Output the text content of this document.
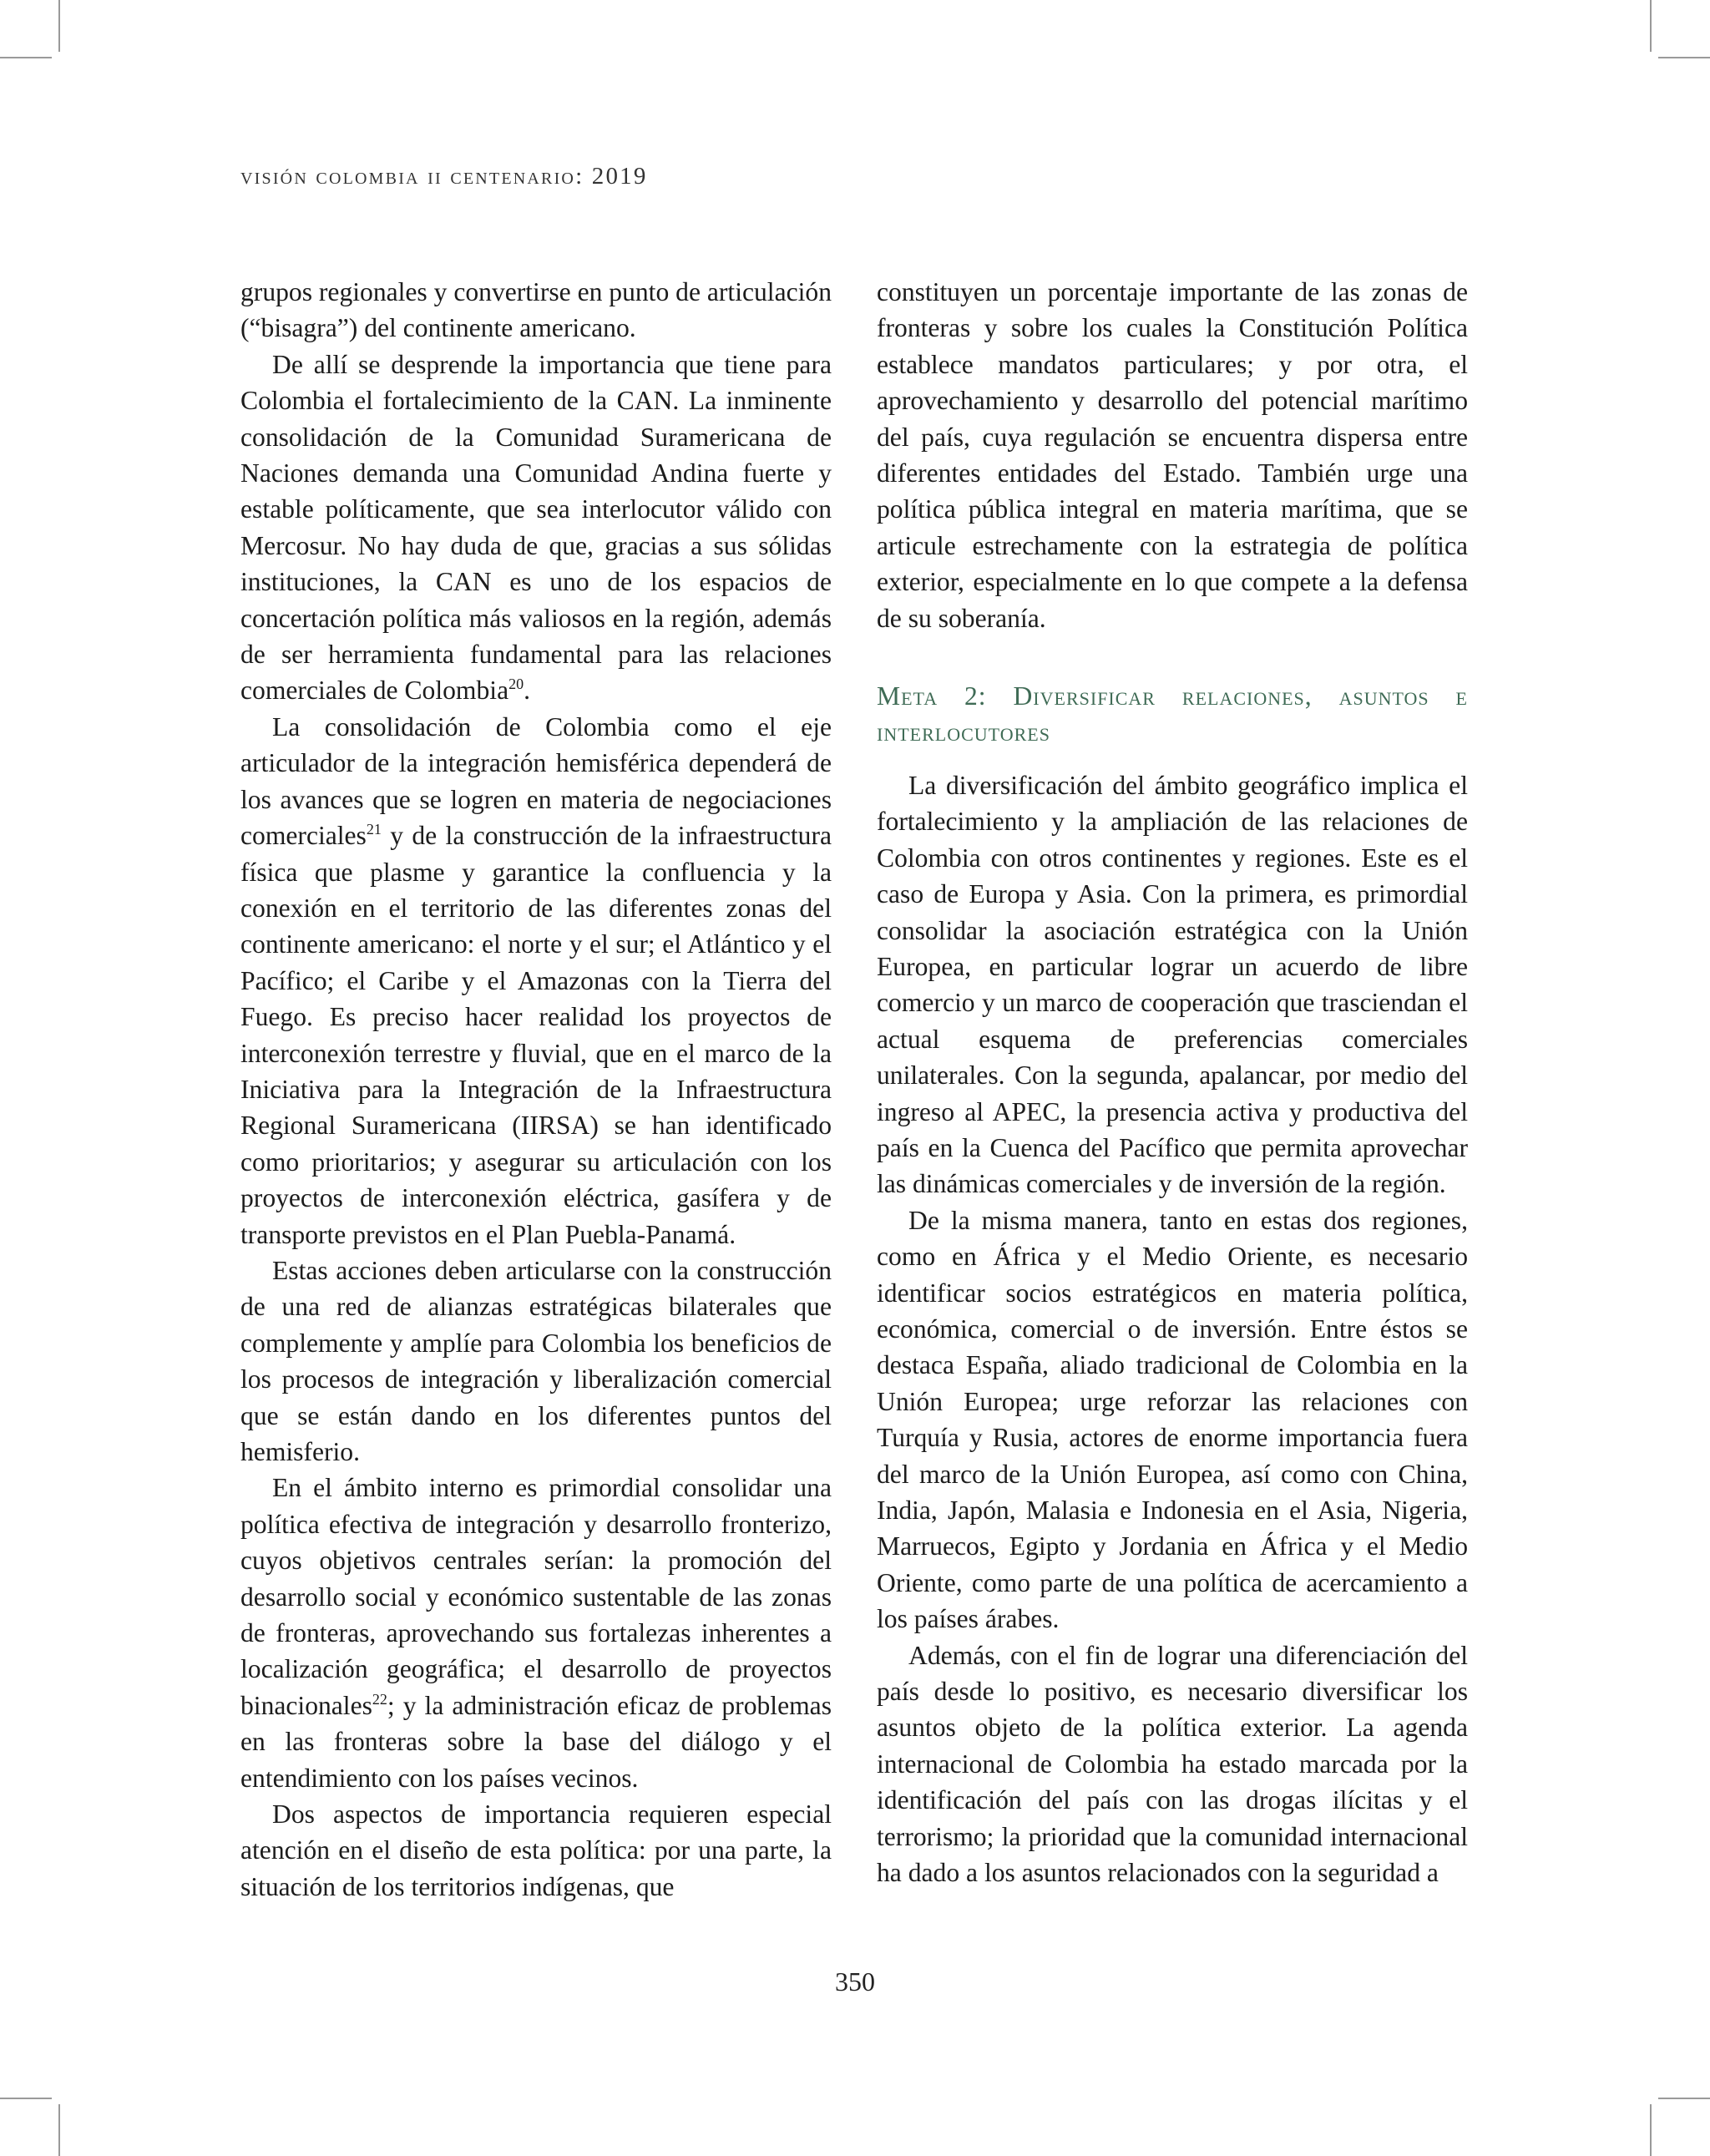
visión colombia ii centenario: 2019

grupos regionales y convertirse en punto de articulación (“bisagra”) del continente americano.

De allí se desprende la importancia que tiene para Colombia el fortalecimiento de la CAN. La inminente consolidación de la Comunidad Suramericana de Naciones demanda una Comunidad Andina fuerte y estable políticamente, que sea interlocutor válido con Mercosur. No hay duda de que, gracias a sus sólidas instituciones, la CAN es uno de los espacios de concertación política más valiosos en la región, además de ser herramienta fundamental para las relaciones comerciales de Colombia$^{20}$.

La consolidación de Colombia como el eje articulador de la integración hemisférica dependerá de los avances que se logren en materia de negociaciones comerciales$^{21}$ y de la construcción de la infraestructura física que plasme y garantice la confluencia y la conexión en el territorio de las diferentes zonas del continente americano: el norte y el sur; el Atlántico y el Pacífico; el Caribe y el Amazonas con la Tierra del Fuego. Es preciso hacer realidad los proyectos de interconexión terrestre y fluvial, que en el marco de la Iniciativa para la Integración de la Infraestructura Regional Suramericana (IIRSA) se han identificado como prioritarios; y asegurar su articulación con los proyectos de interconexión eléctrica, gasífera y de transporte previstos en el Plan Puebla-Panamá.

Estas acciones deben articularse con la construcción de una red de alianzas estratégicas bilaterales que complemente y amplíe para Colombia los beneficios de los procesos de integración y liberalización comercial que se están dando en los diferentes puntos del hemisferio.

En el ámbito interno es primordial consolidar una política efectiva de integración y desarrollo fronterizo, cuyos objetivos centrales serían: la promoción del desarrollo social y económico sustentable de las zonas de fronteras, aprovechando sus fortalezas inherentes a localización geográfica; el desarrollo de proyectos binacionales$^{22}$; y la administración eficaz de problemas en las fronteras sobre la base del diálogo y el entendimiento con los países vecinos.

Dos aspectos de importancia requieren especial atención en el diseño de esta política: por una parte, la situación de los territorios indígenas, que

constituyen un porcentaje importante de las zonas de fronteras y sobre los cuales la Constitución Política establece mandatos particulares; y por otra, el aprovechamiento y desarrollo del potencial marítimo del país, cuya regulación se encuentra dispersa entre diferentes entidades del Estado. También urge una política pública integral en materia marítima, que se articule estrechamente con la estrategia de política exterior, especialmente en lo que compete a la defensa de su soberanía.

Meta 2: Diversificar relaciones, asuntos e interlocutores

La diversificación del ámbito geográfico implica el fortalecimiento y la ampliación de las relaciones de Colombia con otros continentes y regiones. Este es el caso de Europa y Asia. Con la primera, es primordial consolidar la asociación estratégica con la Unión Europea, en particular lograr un acuerdo de libre comercio y un marco de cooperación que trasciendan el actual esquema de preferencias comerciales unilaterales. Con la segunda, apalancar, por medio del ingreso al APEC, la presencia activa y productiva del país en la Cuenca del Pacífico que permita aprovechar las dinámicas comerciales y de inversión de la región.

De la misma manera, tanto en estas dos regiones, como en África y el Medio Oriente, es necesario identificar socios estratégicos en materia política, económica, comercial o de inversión. Entre éstos se destaca España, aliado tradicional de Colombia en la Unión Europea; urge reforzar las relaciones con Turquía y Rusia, actores de enorme importancia fuera del marco de la Unión Europea, así como con China, India, Japón, Malasia e Indonesia en el Asia, Nigeria, Marruecos, Egipto y Jordania en África y el Medio Oriente, como parte de una política de acercamiento a los países árabes.

Además, con el fin de lograr una diferenciación del país desde lo positivo, es necesario diversificar los asuntos objeto de la política exterior. La agenda internacional de Colombia ha estado marcada por la identificación del país con las drogas ilícitas y el terrorismo; la prioridad que la comunidad internacional ha dado a los asuntos relacionados con la seguridad a

350
